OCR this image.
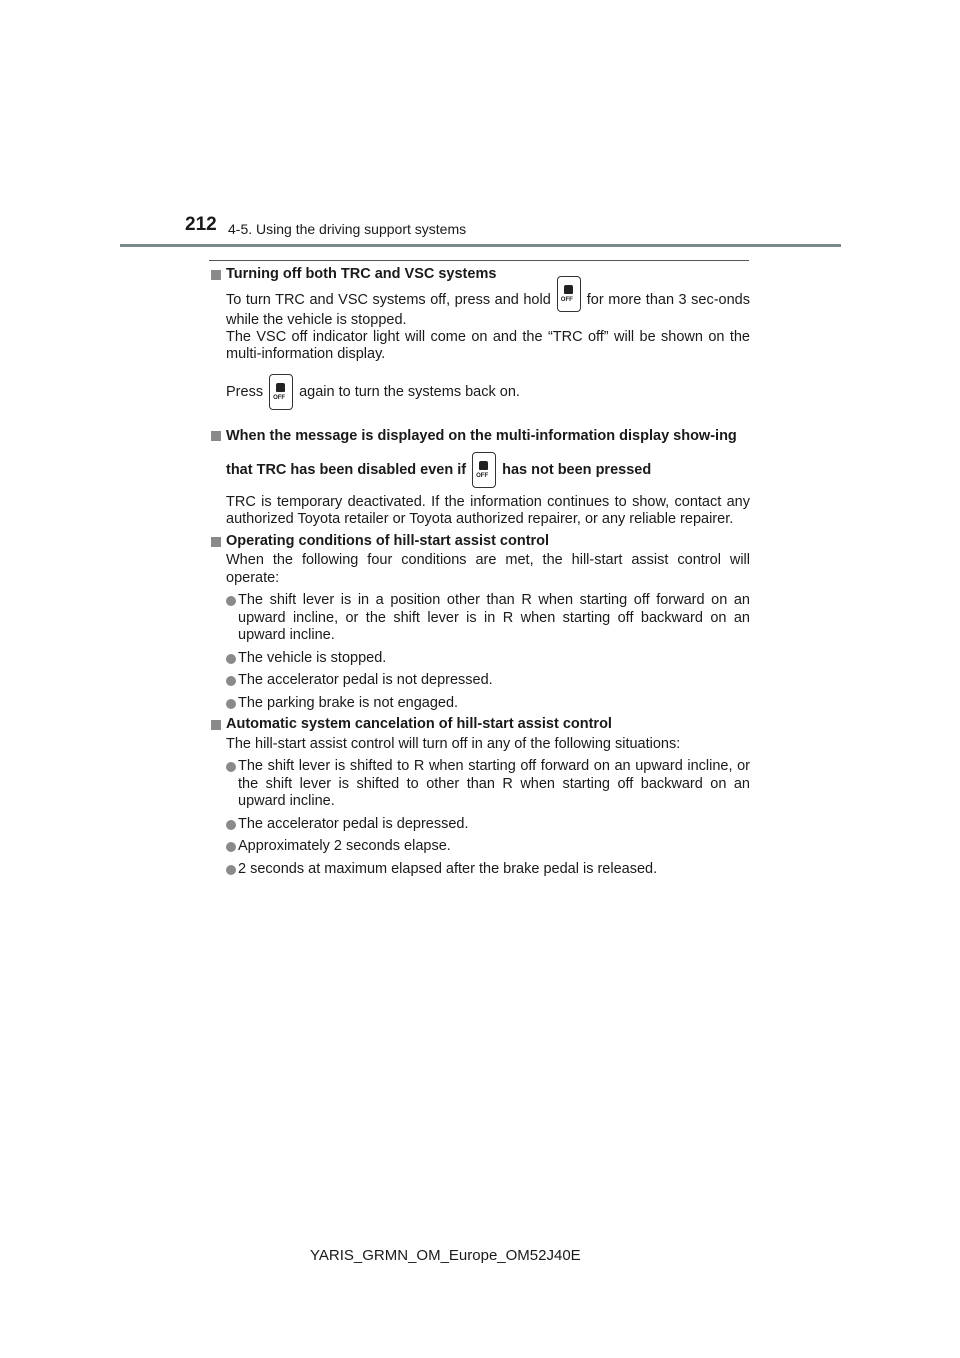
212 4-5. Using the driving support systems
Turning off both TRC and VSC systems

To turn TRC and VSC systems off, press and hold OFF for more than 3 sec-onds while the vehicle is stopped.

The VSC off indicator light will come on and the “TRC off” will be shown on the multi-information display.

Press OFF again to turn the systems back on.

When the message is displayed on the multi-information display show-ing that TRC has been disabled even if OFF has not been pressed

TRC is temporary deactivated. If the information continues to show, contact any authorized Toyota retailer or Toyota authorized repairer, or any reliable repairer.

Operating conditions of hill-start assist control

When the following four conditions are met, the hill-start assist control will operate:

The shift lever is in a position other than R when starting off forward on an upward incline, or the shift lever is in R when starting off backward on an upward incline.
The vehicle is stopped.
The accelerator pedal is not depressed.
The parking brake is not engaged.
Automatic system cancelation of hill-start assist control

The hill-start assist control will turn off in any of the following situations:

The shift lever is shifted to R when starting off forward on an upward incline, or the shift lever is shifted to other than R when starting off backward on an upward incline.
The accelerator pedal is depressed.
Approximately 2 seconds elapse.
2 seconds at maximum elapsed after the brake pedal is released.
YARIS_GRMN_OM_Europe_OM52J40E
